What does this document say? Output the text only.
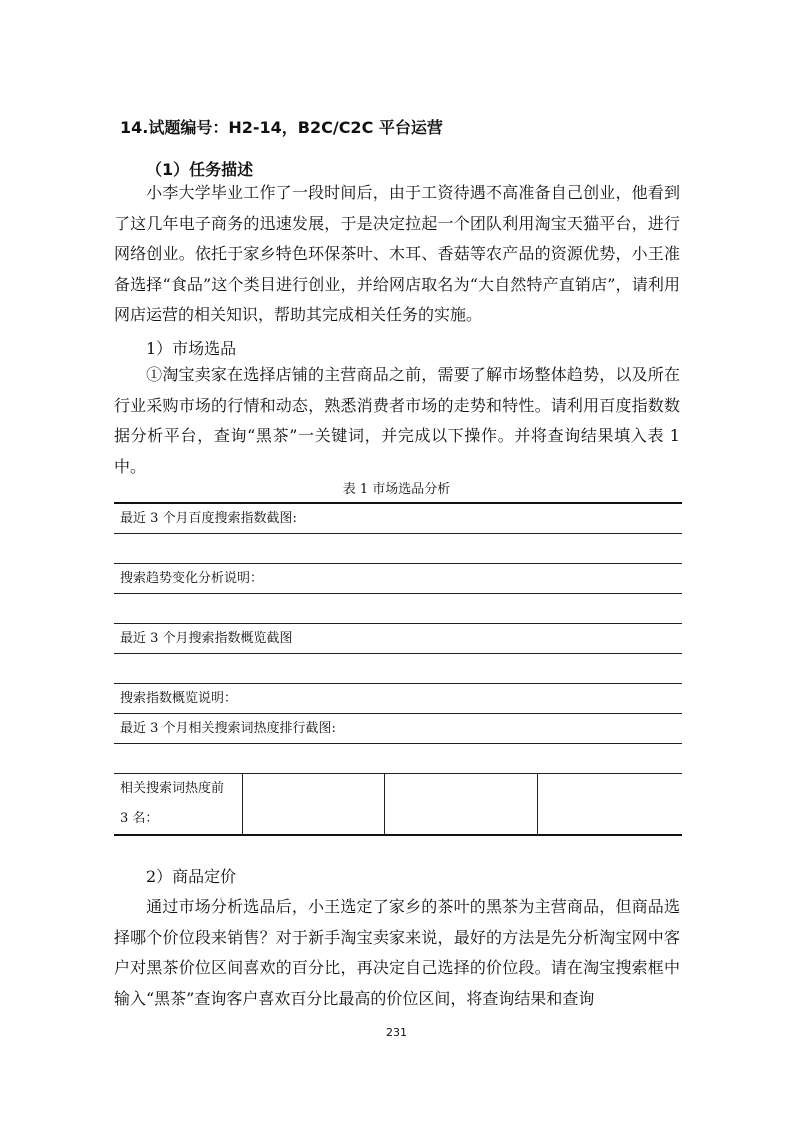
14.试题编号：H2-14，B2C/C2C 平台运营
（1）任务描述
小李大学毕业工作了一段时间后，由于工资待遇不高准备自己创业，他看到了这几年电子商务的迅速发展，于是决定拉起一个团队利用淘宝天猫平台，进行网络创业。依托于家乡特色环保茶叶、木耳、香菇等农产品的资源优势，小王准备选择“食品”这个类目进行创业，并给网店取名为“大自然特产直销店”，请利用网店运营的相关知识，帮助其完成相关任务的实施。
1）市场选品
①淘宝卖家在选择店铺的主营商品之前，需要了解市场整体趋势，以及所在行业采购市场的行情和动态，熟悉消费者市场的走势和特性。请利用百度指数数据分析平台，查询“黑茶”一关键词，并完成以下操作。并将查询结果填入表 1 中。
表 1 市场选品分析
最近 3 个月百度搜索指数截图:

搜索趋势变化分析说明：

最近 3 个月搜索指数概览截图

搜索指数概览说明：
最近 3 个月相关搜索词热度排行截图:

相关搜索词热度前 3 名：			
2）商品定价
通过市场分析选品后，小王选定了家乡的茶叶的黑茶为主营商品，但商品选择哪个价位段来销售？对于新手淘宝卖家来说，最好的方法是先分析淘宝网中客户对黑茶价位区间喜欢的百分比，再决定自己选择的价位段。请在淘宝搜索框中输入“黑茶”查询客户喜欢百分比最高的价位区间，将查询结果和查询
231
